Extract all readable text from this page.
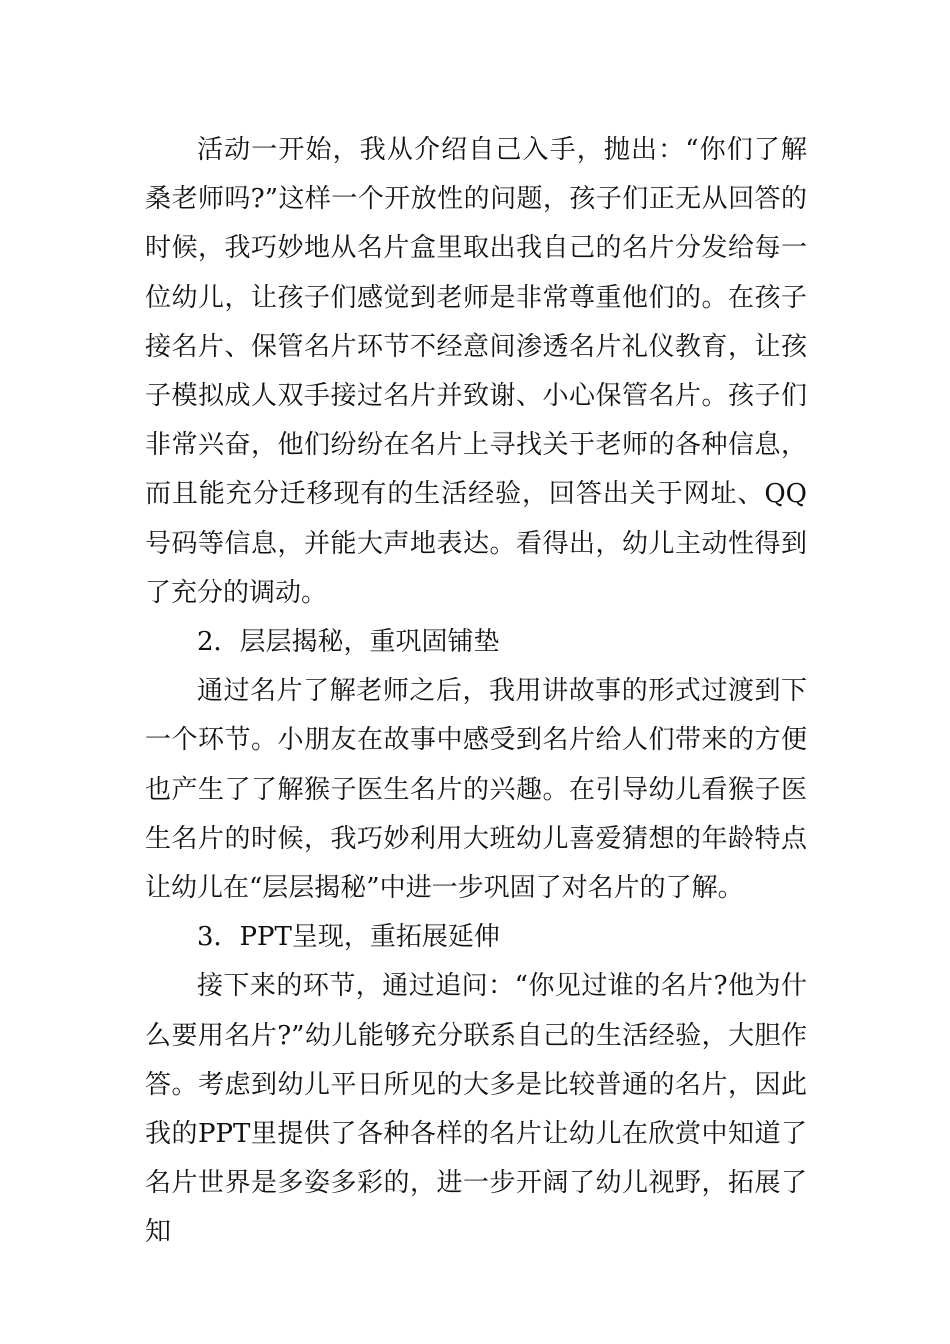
活动一开始，我从介绍自己入手，抛出：“你们了解桑老师吗?”这样一个开放性的问题，孩子们正无从回答的时候，我巧妙地从名片盒里取出我自己的名片分发给每一位幼儿，让孩子们感觉到老师是非常尊重他们的。在孩子接名片、保管名片环节不经意间渗透名片礼仪教育，让孩子模拟成人双手接过名片并致谢、小心保管名片。孩子们非常兴奋，他们纷纷在名片上寻找关于老师的各种信息，而且能充分迁移现有的生活经验，回答出关于网址、QQ号码等信息，并能大声地表达。看得出，幼儿主动性得到了充分的调动。

2．层层揭秘，重巩固铺垫

通过名片了解老师之后，我用讲故事的形式过渡到下一个环节。小朋友在故事中感受到名片给人们带来的方便也产生了了解猴子医生名片的兴趣。在引导幼儿看猴子医生名片的时候，我巧妙利用大班幼儿喜爱猜想的年龄特点让幼儿在“层层揭秘”中进一步巩固了对名片的了解。

3．PPT呈现，重拓展延伸

接下来的环节，通过追问：“你见过谁的名片?他为什么要用名片?”幼儿能够充分联系自己的生活经验，大胆作答。考虑到幼儿平日所见的大多是比较普通的名片，因此我的PPT里提供了各种各样的名片让幼儿在欣赏中知道了名片世界是多姿多彩的，进一步开阔了幼儿视野，拓展了知
